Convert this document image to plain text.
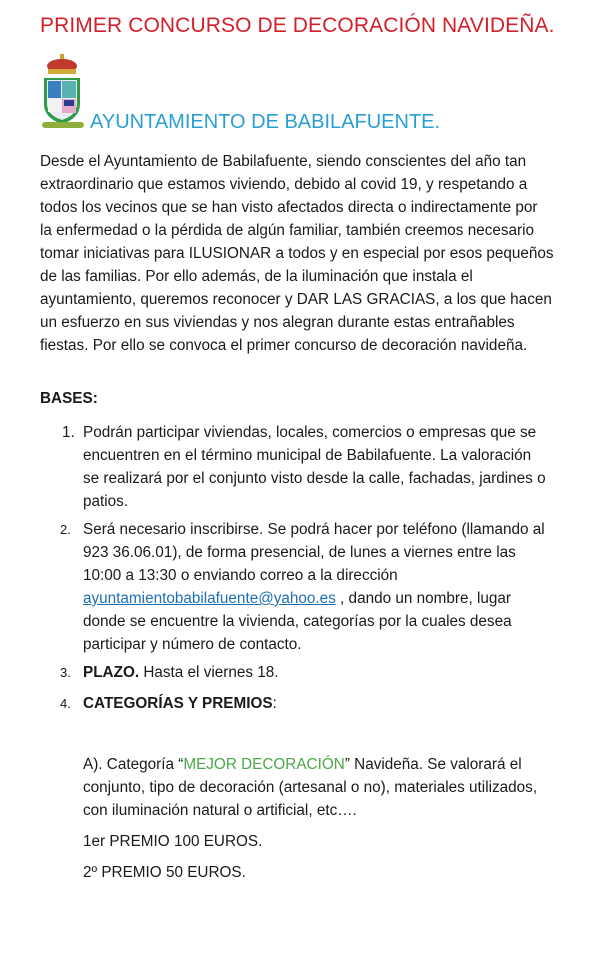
PRIMER CONCURSO DE DECORACIÓN NAVIDEÑA.
AYUNTAMIENTO DE BABILAFUENTE.
Desde el Ayuntamiento de Babilafuente, siendo conscientes del año tan
extraordinario que estamos viviendo, debido al covid 19, y respetando a
todos los vecinos que se han visto afectados directa o indirectamente por
la enfermedad o la pérdida de algún familiar, también creemos necesario
tomar iniciativas para ILUSIONAR a todos y en especial por esos pequeños
de las familias. Por ello además, de la iluminación que instala el
ayuntamiento, queremos reconocer y DAR LAS GRACIAS, a los que hacen
un esfuerzo en sus viviendas y nos alegran durante estas entrañables
fiestas. Por ello se convoca el primer concurso de decoración navideña.
BASES:
1. Podrán participar viviendas, locales, comercios o empresas que se
encuentren en el término municipal de Babilafuente. La valoración
se realizará por el conjunto visto desde la calle, fachadas, jardines o
patios.
2. Será necesario inscribirse. Se podrá hacer por teléfono (llamando al
923 36.06.01), de forma presencial, de lunes a viernes entre las
10:00 a 13:30 o enviando correo a la dirección
ayuntamientobabilafuente@yahoo.es , dando un nombre, lugar
donde se encuentre la vivienda, categorías por la cuales desea
participar y número de contacto.
3. PLAZO. Hasta el viernes 18.
4. CATEGORÍAS Y PREMIOS:
A). Categoría “MEJOR DECORACIÓN” Navideña. Se valorará el
conjunto, tipo de decoración (artesanal o no), materiales utilizados,
con iluminación natural o artificial, etc….
1er PREMIO 100 EUROS.
2º PREMIO 50 EUROS.
